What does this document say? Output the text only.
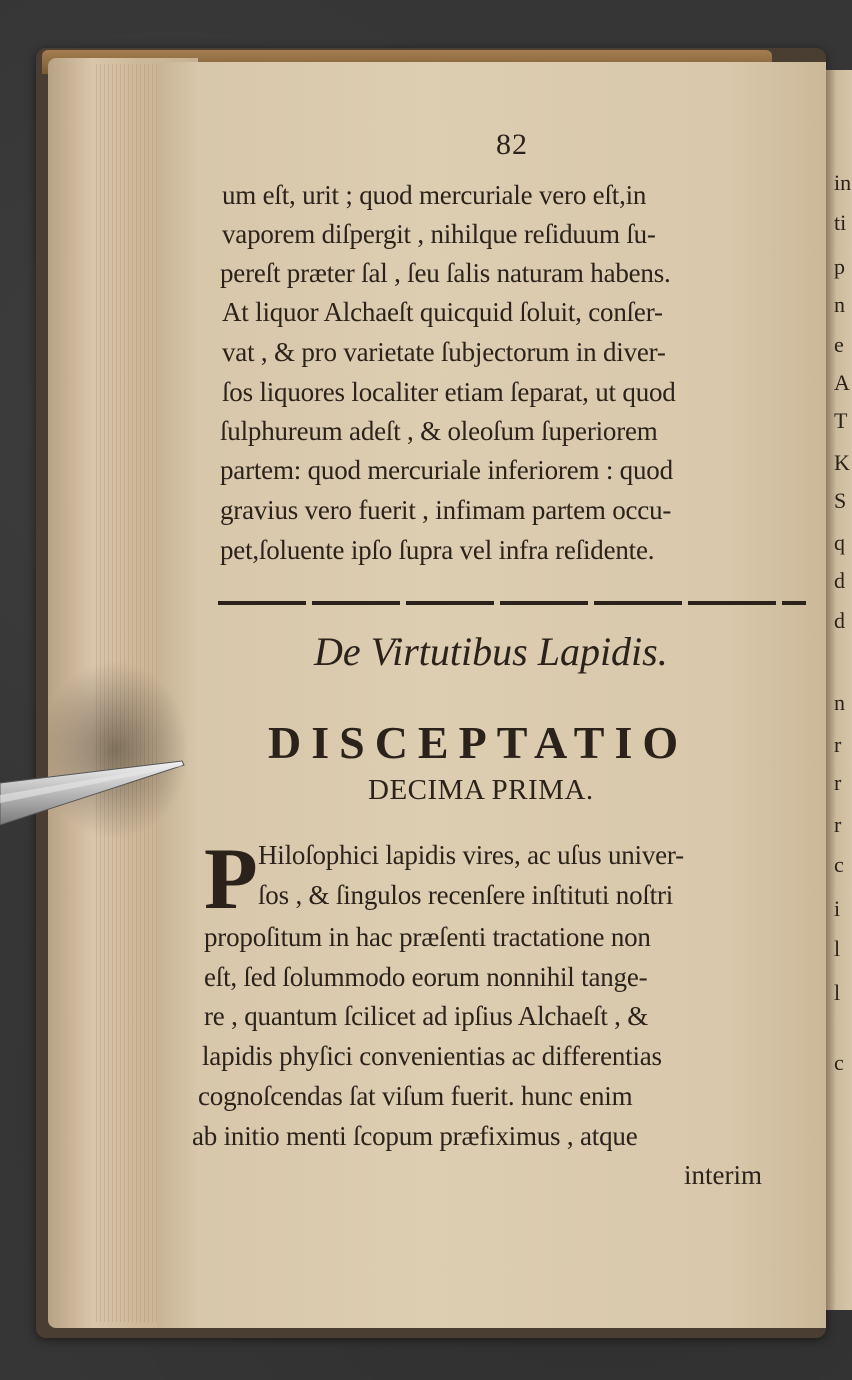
in
ti
p
n
e
A
T
K
S
q
d
d
n
r
r
r
c
i
l
l
c
82
um eſt, urit ; quod mercuriale vero eſt,in
vaporem diſpergit , nihilque reſiduum ſu-
pereſt præter ſal , ſeu ſalis naturam habens.
At liquor Alchaeſt quicquid ſoluit, conſer-
vat , & pro varietate ſubjectorum in diver-
ſos liquores localiter etiam ſeparat, ut quod
ſulphureum adeſt , & oleoſum ſuperiorem
partem: quod mercuriale inferiorem : quod
gravius vero fuerit , infimam partem occu-
pet,ſoluente ipſo ſupra vel infra reſidente.
De Virtutibus Lapidis.
DISCEPTATIO
DECIMA PRIMA.
P Hiloſophici lapidis vires, ac uſus univer-
ſos , & ſingulos recenſere inſtituti noſtri
propoſitum in hac præſenti tractatione non
eſt, ſed ſolummodo eorum nonnihil tange-
re , quantum ſcilicet ad ipſius Alchaeſt , &
lapidis phyſici convenientias ac differentias
cognoſcendas ſat viſum fuerit. hunc enim
ab initio menti ſcopum præfiximus , atque
interim
